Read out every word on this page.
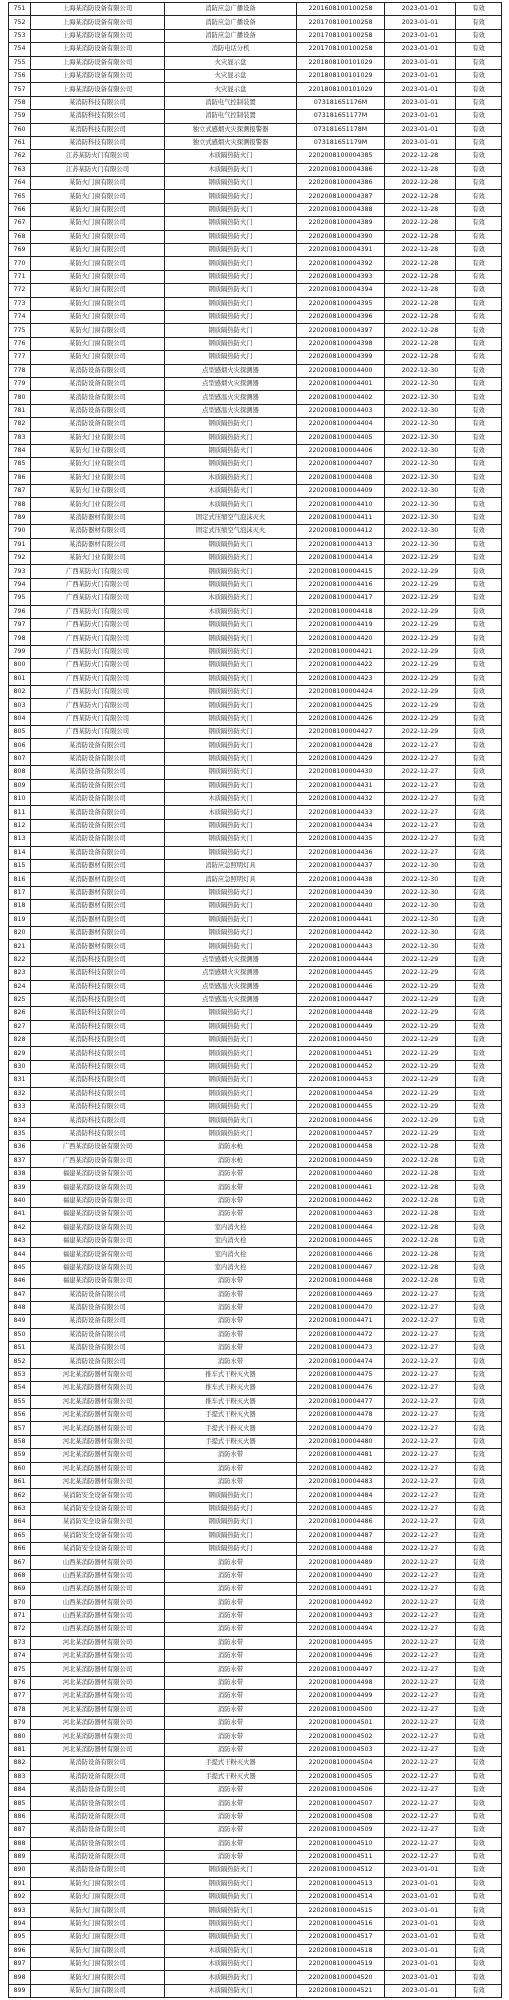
751	上海某消防设备有限公司	消防应急广播设备	2201608100100258	2023-01-01	有效
752	上海某消防设备有限公司	消防应急广播设备	2201708100100258	2023-01-01	有效
753	上海某消防设备有限公司	消防应急广播设备	2201708100100258	2023-01-01	有效
754	上海某消防设备有限公司	消防电话分机	2201708100100258	2023-01-01	有效
755	上海某消防设备有限公司	火灾显示盘	2201808100101029	2023-01-01	有效
756	上海某消防设备有限公司	火灾显示盘	2201808100101029	2023-01-01	有效
757	上海某消防设备有限公司	火灾显示盘	2201808100101029	2023-01-01	有效
758	某消防科技有限公司	消防电气控制装置	073181651176M	2023-01-01	有效
759	某消防科技有限公司	消防电气控制装置	073181651177M	2023-01-01	有效
760	某消防科技有限公司	独立式感烟火灾探测报警器	073181651178M	2023-01-01	有效
761	某消防科技有限公司	独立式感烟火灾探测报警器	073181651179M	2023-01-01	有效
762	江苏某防火门有限公司	木质隔热防火门	2202008100004385	2022-12-28	有效
763	江苏某防火门有限公司	木质隔热防火门	2202008100004386	2022-12-28	有效
764	某防火门窗有限公司	钢质隔热防火门	2202008100004386	2022-12-28	有效
765	某防火门窗有限公司	钢质隔热防火门	2202008100004387	2022-12-28	有效
766	某防火门窗有限公司	钢质隔热防火门	2202008100004388	2022-12-28	有效
767	某防火门窗有限公司	钢质隔热防火门	2202008100004389	2022-12-28	有效
768	某防火门窗有限公司	钢质隔热防火门	2202008100004390	2022-12-28	有效
769	某防火门窗有限公司	钢质隔热防火门	2202008100004391	2022-12-28	有效
770	某防火门窗有限公司	钢质隔热防火门	2202008100004392	2022-12-28	有效
771	某防火门窗有限公司	钢质隔热防火门	2202008100004393	2022-12-28	有效
772	某防火门窗有限公司	钢质隔热防火门	2202008100004394	2022-12-28	有效
773	某防火门窗有限公司	钢质隔热防火门	2202008100004395	2022-12-28	有效
774	某防火门窗有限公司	钢质隔热防火门	2202008100004396	2022-12-28	有效
775	某防火门窗有限公司	钢质隔热防火门	2202008100004397	2022-12-28	有效
776	某防火门窗有限公司	钢质隔热防火门	2202008100004398	2022-12-28	有效
777	某防火门窗有限公司	钢质隔热防火门	2202008100004399	2022-12-28	有效
778	某消防设备有限公司	点型感烟火灾探测器	2202008100004400	2022-12-30	有效
779	某消防设备有限公司	点型感烟火灾探测器	2202008100004401	2022-12-30	有效
780	某消防设备有限公司	点型感温火灾探测器	2202008100004402	2022-12-30	有效
781	某消防设备有限公司	点型感温火灾探测器	2202008100004403	2022-12-30	有效
782	某消防设备有限公司	钢质隔热防火门	2202008100004404	2022-12-30	有效
783	某防火门业有限公司	钢质隔热防火门	2202008100004405	2022-12-30	有效
784	某防火门业有限公司	钢质隔热防火门	2202008100004406	2022-12-30	有效
785	某防火门业有限公司	钢质隔热防火门	2202008100004407	2022-12-30	有效
786	某防火门业有限公司	木质隔热防火门	2202008100004408	2022-12-30	有效
787	某防火门业有限公司	木质隔热防火门	2202008100004409	2022-12-30	有效
788	某防火门业有限公司	木质隔热防火门	2202008100004410	2022-12-30	有效
789	某消防器材有限公司	固定式压缩空气泡沫灭火	2202008100004411	2022-12-30	有效
790	某消防器材有限公司	固定式压缩空气泡沫灭火	2202008100004412	2022-12-30	有效
791	某消防器材有限公司	钢质隔热防火门	2202008100004413	2022-12-30	有效
792	某防火门业有限公司	钢质隔热防火门	2202008100004414	2022-12-29	有效
793	广西某防火门有限公司	钢质隔热防火门	2202008100004415	2022-12-29	有效
794	广西某防火门有限公司	钢质隔热防火门	2202008100004416	2022-12-29	有效
795	广西某防火门有限公司	木质隔热防火门	2202008100004417	2022-12-29	有效
796	广西某防火门有限公司	木质隔热防火门	2202008100004418	2022-12-29	有效
797	广西某防火门有限公司	钢质隔热防火门	2202008100004419	2022-12-29	有效
798	广西某防火门有限公司	钢质隔热防火门	2202008100004420	2022-12-29	有效
799	广西某防火门有限公司	钢质隔热防火门	2202008100004421	2022-12-29	有效
800	广西某防火门有限公司	钢质隔热防火门	2202008100004422	2022-12-29	有效
801	广西某防火门有限公司	钢质隔热防火门	2202008100004423	2022-12-29	有效
802	广西某防火门有限公司	钢质隔热防火门	2202008100004424	2022-12-29	有效
803	广西某防火门有限公司	钢质隔热防火门	2202008100004425	2022-12-29	有效
804	广西某防火门有限公司	钢质隔热防火门	2202008100004426	2022-12-29	有效
805	广西某防火门有限公司	钢质隔热防火门	2202008100004427	2022-12-29	有效
806	某消防设备有限公司	钢质隔热防火门	2202008100004428	2022-12-27	有效
807	某消防设备有限公司	钢质隔热防火门	2202008100004429	2022-12-27	有效
808	某消防设备有限公司	钢质隔热防火门	2202008100004430	2022-12-27	有效
809	某消防设备有限公司	钢质隔热防火门	2202008100004431	2022-12-27	有效
810	某消防设备有限公司	木质隔热防火门	2202008100004432	2022-12-27	有效
811	某消防设备有限公司	木质隔热防火门	2202008100004433	2022-12-27	有效
812	某消防设备有限公司	钢质隔热防火门	2202008100004434	2022-12-27	有效
813	某消防设备有限公司	钢质隔热防火门	2202008100004435	2022-12-27	有效
814	某消防设备有限公司	钢质隔热防火门	2202008100004436	2022-12-27	有效
815	某消防器材有限公司	消防应急照明灯具	2202008100004437	2022-12-30	有效
816	某消防器材有限公司	消防应急照明灯具	2202008100004438	2022-12-30	有效
817	某消防器材有限公司	钢质隔热防火门	2202008100004439	2022-12-30	有效
818	某消防器材有限公司	钢质隔热防火门	2202008100004440	2022-12-30	有效
819	某消防器材有限公司	钢质隔热防火门	2202008100004441	2022-12-30	有效
820	某消防器材有限公司	钢质隔热防火门	2202008100004442	2022-12-30	有效
821	某消防器材有限公司	钢质隔热防火门	2202008100004443	2022-12-30	有效
822	某消防科技有限公司	点型感烟火灾探测器	2202008100004444	2022-12-29	有效
823	某消防科技有限公司	点型感烟火灾探测器	2202008100004445	2022-12-29	有效
824	某消防科技有限公司	点型感温火灾探测器	2202008100004446	2022-12-29	有效
825	某消防科技有限公司	点型感温火灾探测器	2202008100004447	2022-12-29	有效
826	某消防科技有限公司	钢质隔热防火门	2202008100004448	2022-12-29	有效
827	某消防科技有限公司	钢质隔热防火门	2202008100004449	2022-12-29	有效
828	某消防科技有限公司	钢质隔热防火门	2202008100004450	2022-12-29	有效
829	某消防科技有限公司	钢质隔热防火门	2202008100004451	2022-12-29	有效
830	某消防科技有限公司	钢质隔热防火门	2202008100004452	2022-12-29	有效
831	某消防科技有限公司	钢质隔热防火门	2202008100004453	2022-12-29	有效
832	某消防科技有限公司	钢质隔热防火门	2202008100004454	2022-12-29	有效
833	某消防科技有限公司	钢质隔热防火门	2202008100004455	2022-12-29	有效
834	某消防科技有限公司	钢质隔热防火门	2202008100004456	2022-12-29	有效
835	某消防科技有限公司	钢质隔热防火门	2202008100004457	2022-12-29	有效
836	广西某消防设备有限公司	消防水枪	2202008100004458	2022-12-28	有效
837	广西某消防设备有限公司	消防水枪	2202008100004459	2022-12-28	有效
838	福建某消防设备有限公司	消防水带	2202008100004460	2022-12-28	有效
839	福建某消防设备有限公司	消防水带	2202008100004461	2022-12-28	有效
840	福建某消防设备有限公司	消防水带	2202008100004462	2022-12-28	有效
841	福建某消防设备有限公司	消防水带	2202008100004463	2022-12-28	有效
842	福建某消防设备有限公司	室内消火栓	2202008100004464	2022-12-28	有效
843	福建某消防设备有限公司	室内消火栓	2202008100004465	2022-12-28	有效
844	福建某消防设备有限公司	室内消火栓	2202008100004466	2022-12-28	有效
845	福建某消防设备有限公司	室内消火栓	2202008100004467	2022-12-28	有效
846	福建某消防设备有限公司	消防水带	2202008100004468	2022-12-28	有效
847	某消防设备有限公司	消防水带	2202008100004469	2022-12-27	有效
848	某消防设备有限公司	消防水带	2202008100004470	2022-12-27	有效
849	某消防设备有限公司	消防水带	2202008100004471	2022-12-27	有效
850	某消防设备有限公司	消防水带	2202008100004472	2022-12-27	有效
851	某消防设备有限公司	消防水带	2202008100004473	2022-12-27	有效
852	某消防设备有限公司	消防水带	2202008100004474	2022-12-27	有效
853	河北某消防器材有限公司	推车式干粉灭火器	2202008100004475	2022-12-27	有效
854	河北某消防器材有限公司	推车式干粉灭火器	2202008100004476	2022-12-27	有效
855	河北某消防器材有限公司	推车式干粉灭火器	2202008100004477	2022-12-27	有效
856	河北某消防器材有限公司	手提式干粉灭火器	2202008100004478	2022-12-27	有效
857	河北某消防器材有限公司	手提式干粉灭火器	2202008100004479	2022-12-27	有效
858	河北某消防器材有限公司	手提式干粉灭火器	2202008100004480	2022-12-27	有效
859	河北某消防器材有限公司	消防水带	2202008100004481	2022-12-27	有效
860	河北某消防器材有限公司	消防水带	2202008100004482	2022-12-27	有效
861	河北某消防器材有限公司	消防水带	2202008100004483	2022-12-27	有效
862	某消防安全设备有限公司	钢质隔热防火门	2202008100004484	2022-12-27	有效
863	某消防安全设备有限公司	钢质隔热防火门	2202008100004485	2022-12-27	有效
864	某消防安全设备有限公司	钢质隔热防火门	2202008100004486	2022-12-27	有效
865	某消防安全设备有限公司	钢质隔热防火门	2202008100004487	2022-12-27	有效
866	某消防安全设备有限公司	钢质隔热防火门	2202008100004488	2022-12-27	有效
867	山西某消防器材有限公司	消防水带	2202008100004489	2022-12-27	有效
868	山西某消防器材有限公司	消防水带	2202008100004490	2022-12-27	有效
869	山西某消防器材有限公司	消防水带	2202008100004491	2022-12-27	有效
870	山西某消防器材有限公司	消防水带	2202008100004492	2022-12-27	有效
871	山西某消防器材有限公司	消防水带	2202008100004493	2022-12-27	有效
872	山西某消防器材有限公司	消防水带	2202008100004494	2022-12-27	有效
873	河北某消防器材有限公司	消防水带	2202008100004495	2022-12-27	有效
874	河北某消防器材有限公司	消防水带	2202008100004496	2022-12-27	有效
875	河北某消防器材有限公司	消防水带	2202008100004497	2022-12-27	有效
876	河北某消防器材有限公司	消防水带	2202008100004498	2022-12-27	有效
877	河北某消防器材有限公司	消防水带	2202008100004499	2022-12-27	有效
878	河北某消防器材有限公司	消防水带	2202008100004500	2022-12-27	有效
879	河北某消防器材有限公司	消防水带	2202008100004501	2022-12-27	有效
880	河北某消防器材有限公司	消防水带	2202008100004502	2022-12-27	有效
881	河北某消防器材有限公司	消防水带	2202008100004503	2022-12-27	有效
882	某消防设备有限公司	手提式干粉灭火器	2202008100004504	2022-12-27	有效
883	某消防设备有限公司	手提式干粉灭火器	2202008100004505	2022-12-27	有效
884	某消防设备有限公司	消防水带	2202008100004506	2022-12-27	有效
885	某消防设备有限公司	消防水带	2202008100004507	2022-12-27	有效
886	某消防设备有限公司	消防水带	2202008100004508	2022-12-27	有效
887	某消防设备有限公司	消防水带	2202008100004509	2022-12-27	有效
888	某消防设备有限公司	消防水带	2202008100004510	2022-12-27	有效
889	某消防设备有限公司	消防水带	2202008100004511	2022-12-27	有效
890	某消防设备有限公司	钢质隔热防火门	2202008100004512	2023-01-01	有效
891	某防火门窗有限公司	钢质隔热防火门	2202008100004513	2023-01-01	有效
892	某防火门窗有限公司	钢质隔热防火门	2202008100004514	2023-01-01	有效
893	某防火门窗有限公司	钢质隔热防火门	2202008100004515	2023-01-01	有效
894	某防火门窗有限公司	钢质隔热防火门	2202008100004516	2023-01-01	有效
895	某防火门窗有限公司	钢质隔热防火门	2202008100004517	2023-01-01	有效
896	某防火门窗有限公司	木质隔热防火门	2202008100004518	2023-01-01	有效
897	某防火门窗有限公司	木质隔热防火门	2202008100004519	2023-01-01	有效
898	某防火门窗有限公司	木质隔热防火门	2202008100004520	2023-01-01	有效
899	某防火门窗有限公司	木质隔热防火门	2202008100004521	2023-01-01	有效
